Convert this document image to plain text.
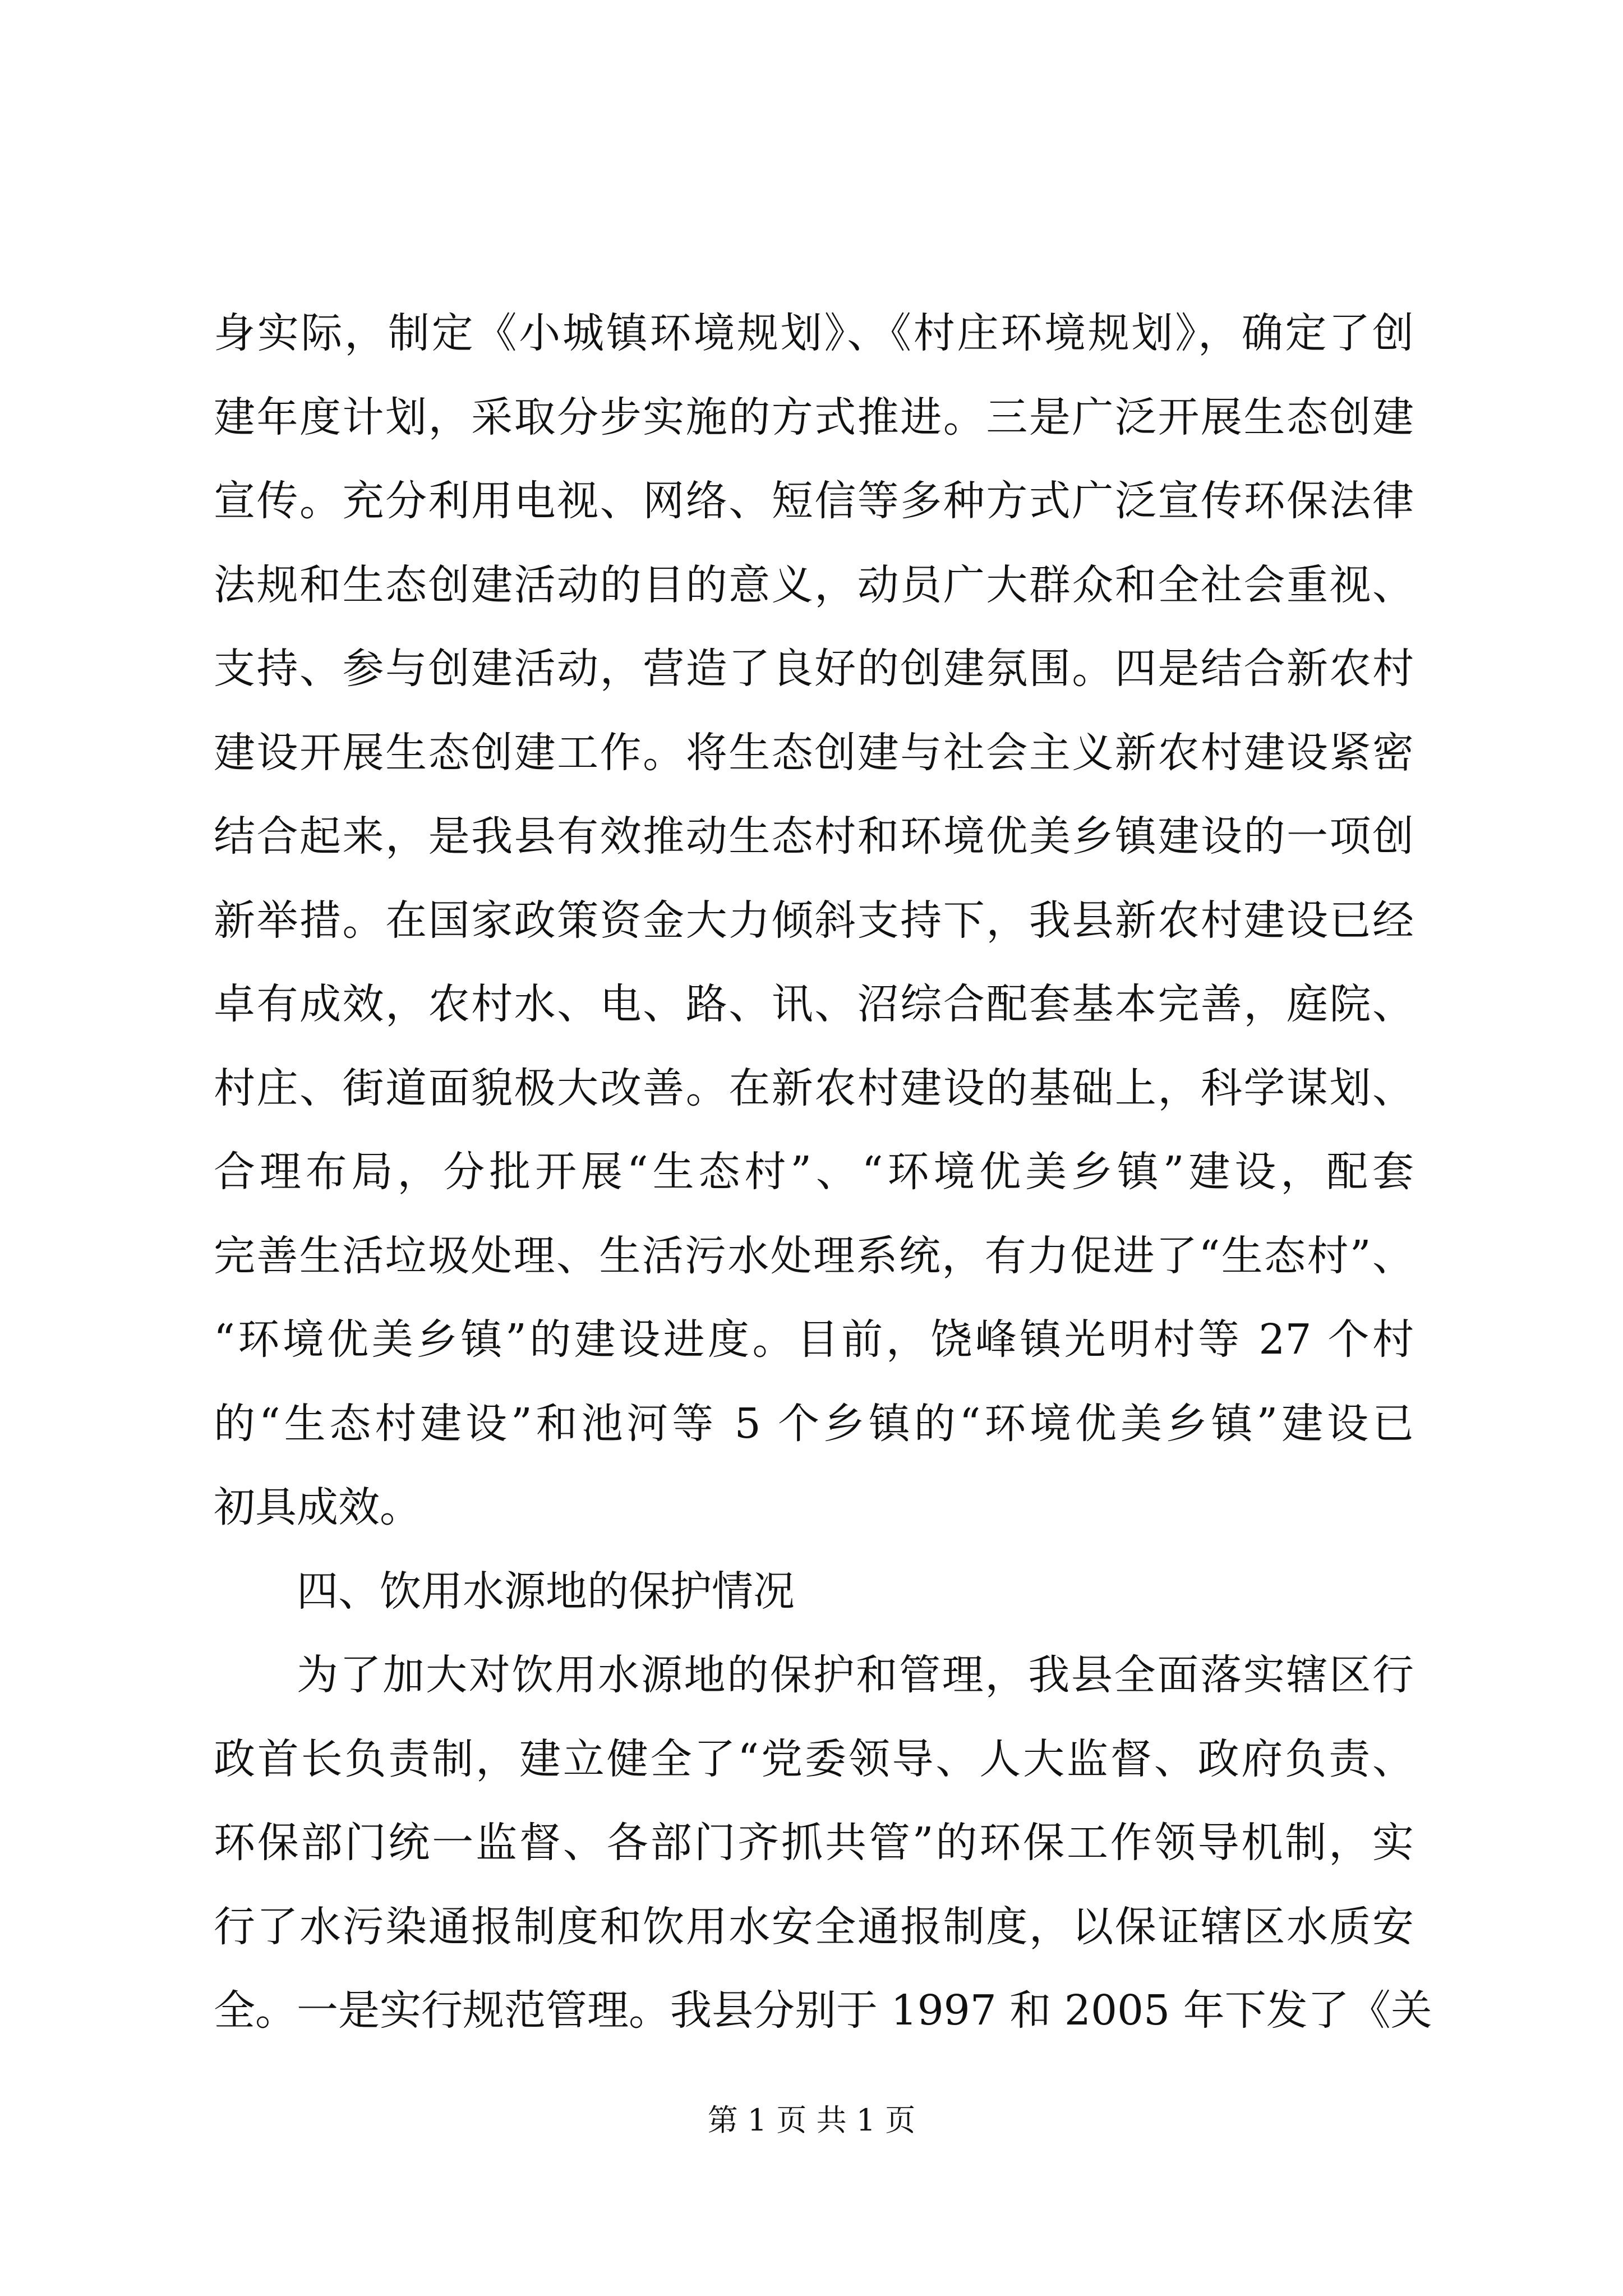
身实际，制定《小城镇环境规划》、《村庄环境规划》，确定了创
建年度计划，采取分步实施的方式推进。三是广泛开展生态创建
宣传。充分利用电视、网络、短信等多种方式广泛宣传环保法律
法规和生态创建活动的目的意义，动员广大群众和全社会重视、
支持、参与创建活动，营造了良好的创建氛围。四是结合新农村
建设开展生态创建工作。将生态创建与社会主义新农村建设紧密
结合起来，是我县有效推动生态村和环境优美乡镇建设的一项创
新举措。在国家政策资金大力倾斜支持下，我县新农村建设已经
卓有成效，农村水、电、路、讯、沼综合配套基本完善，庭院、
村庄、街道面貌极大改善。在新农村建设的基础上，科学谋划、
合理布局，分批开展“生态村”、“环境优美乡镇”建设，配套
完善生活垃圾处理、生活污水处理系统，有力促进了“生态村”、
“环境优美乡镇”的建设进度。目前，饶峰镇光明村等 27 个村
的“生态村建设”和池河等 5 个乡镇的“环境优美乡镇”建设已
初具成效。
四、饮用水源地的保护情况
为了加大对饮用水源地的保护和管理，我县全面落实辖区行
政首长负责制，建立健全了“党委领导、人大监督、政府负责、
环保部门统一监督、各部门齐抓共管”的环保工作领导机制，实
行了水污染通报制度和饮用水安全通报制度，以保证辖区水质安
全。一是实行规范管理。我县分别于 1997 和 2005 年下发了《关
第 1 页 共 1 页
